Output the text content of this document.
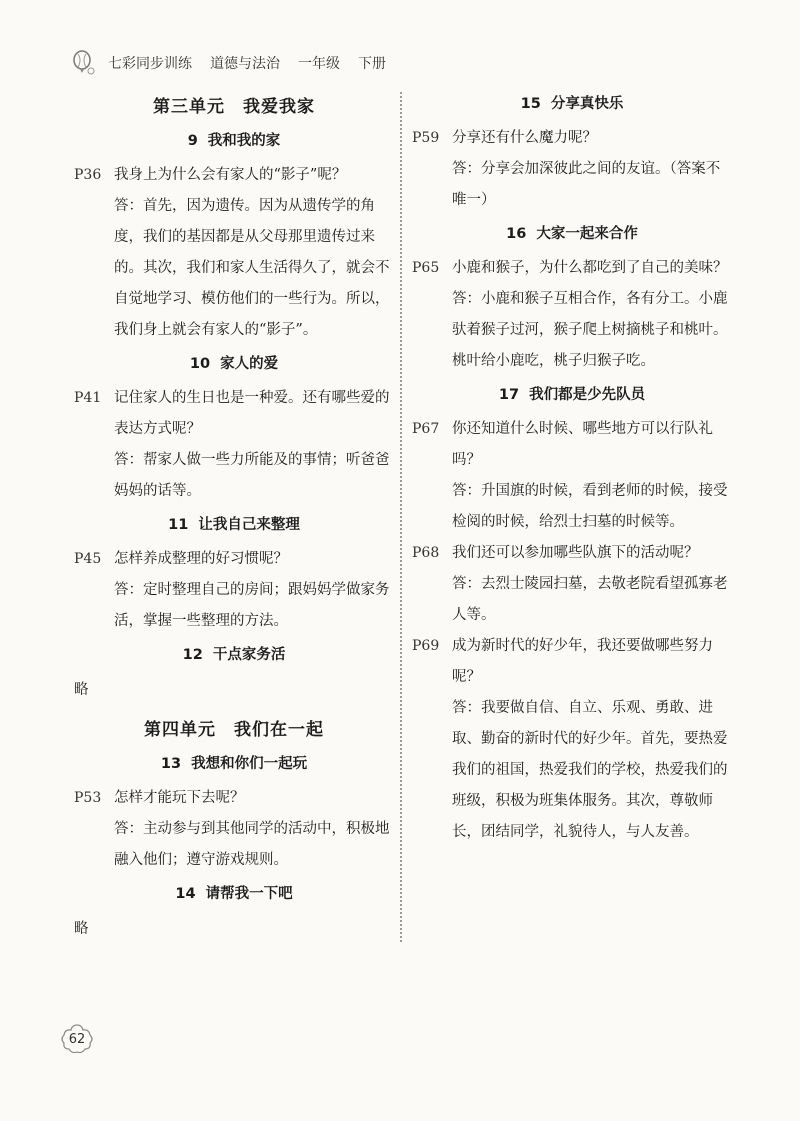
七彩同步训练 道德与法治 一年级 下册
第三单元　我爱我家
9 我和我的家
P36 我身上为什么会有家人的“影子”呢？

答：首先，因为遗传。因为从遗传学的角度，我们的基因都是从父母那里遗传过来的。其次，我们和家人生活得久了，就会不自觉地学习、模仿他们的一些行为。所以，我们身上就会有家人的“影子”。

10 家人的爱
P41 记住家人的生日也是一种爱。还有哪些爱的表达方式呢？

答：帮家人做一些力所能及的事情；听爸爸妈妈的话等。

11 让我自己来整理
P45 怎样养成整理的好习惯呢？

答：定时整理自己的房间；跟妈妈学做家务活，掌握一些整理的方法。

12 干点家务活
略
第四单元　我们在一起
13 我想和你们一起玩
P53 怎样才能玩下去呢？

答：主动参与到其他同学的活动中，积极地融入他们；遵守游戏规则。

14 请帮我一下吧
略
15 分享真快乐
P59 分享还有什么魔力呢？

答：分享会加深彼此之间的友谊。（答案不唯一）

16 大家一起来合作
P65 小鹿和猴子，为什么都吃到了自己的美味？

答：小鹿和猴子互相合作，各有分工。小鹿驮着猴子过河，猴子爬上树摘桃子和桃叶。桃叶给小鹿吃，桃子归猴子吃。

17 我们都是少先队员
P67 你还知道什么时候、哪些地方可以行队礼吗？

答：升国旗的时候，看到老师的时候，接受检阅的时候，给烈士扫墓的时候等。

P68 我们还可以参加哪些队旗下的活动呢？

答：去烈士陵园扫墓，去敬老院看望孤寡老人等。

P69 成为新时代的好少年，我还要做哪些努力呢？

答：我要做自信、自立、乐观、勇敢、进取、勤奋的新时代的好少年。首先，要热爱我们的祖国，热爱我们的学校，热爱我们的班级，积极为班集体服务。其次，尊敬师长，团结同学，礼貌待人，与人友善。

62
